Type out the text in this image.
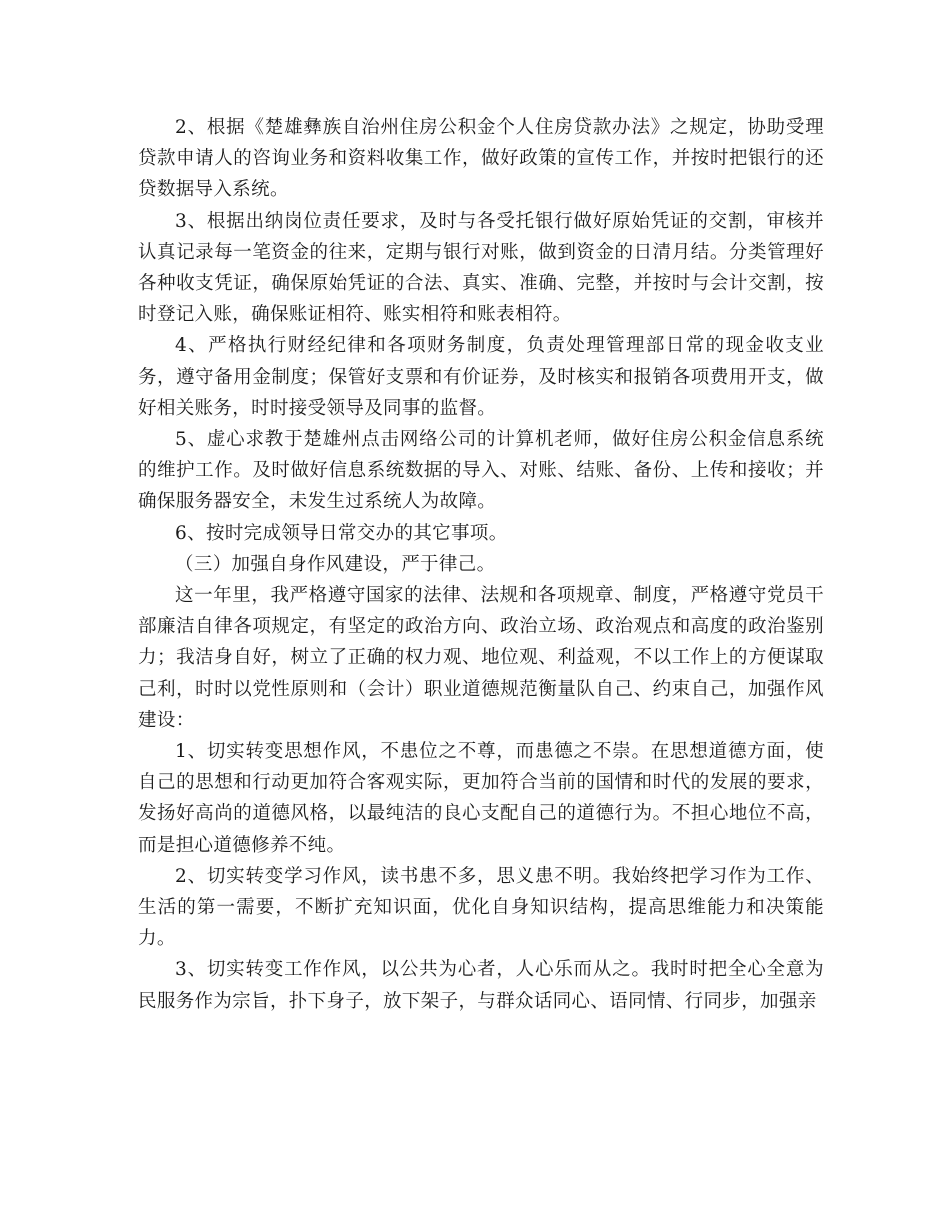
2、根据《楚雄彝族自治州住房公积金个人住房贷款办法》之规定，协助受理贷款申请人的咨询业务和资料收集工作，做好政策的宣传工作，并按时把银行的还贷数据导入系统。

3、根据出纳岗位责任要求，及时与各受托银行做好原始凭证的交割，审核并认真记录每一笔资金的往来，定期与银行对账，做到资金的日清月结。分类管理好各种收支凭证，确保原始凭证的合法、真实、准确、完整，并按时与会计交割，按时登记入账，确保账证相符、账实相符和账表相符。

4、严格执行财经纪律和各项财务制度，负责处理管理部日常的现金收支业务，遵守备用金制度；保管好支票和有价证券，及时核实和报销各项费用开支，做好相关账务，时时接受领导及同事的监督。

5、虚心求教于楚雄州点击网络公司的计算机老师，做好住房公积金信息系统的维护工作。及时做好信息系统数据的导入、对账、结账、备份、上传和接收；并确保服务器安全，未发生过系统人为故障。

6、按时完成领导日常交办的其它事项。

（三）加强自身作风建设，严于律己。

这一年里，我严格遵守国家的法律、法规和各项规章、制度，严格遵守党员干部廉洁自律各项规定，有坚定的政治方向、政治立场、政治观点和高度的政治鉴别力；我洁身自好，树立了正确的权力观、地位观、利益观，不以工作上的方便谋取己利，时时以党性原则和（会计）职业道德规范衡量队自己、约束自己，加强作风建设：

1、切实转变思想作风，不患位之不尊，而患德之不崇。在思想道德方面，使自己的思想和行动更加符合客观实际，更加符合当前的国情和时代的发展的要求，发扬好高尚的道德风格，以最纯洁的良心支配自己的道德行为。不担心地位不高，而是担心道德修养不纯。

2、切实转变学习作风，读书患不多，思义患不明。我始终把学习作为工作、生活的第一需要，不断扩充知识面，优化自身知识结构，提高思维能力和决策能力。

3、切实转变工作作风，以公共为心者，人心乐而从之。我时时把全心全意为民服务作为宗旨，扑下身子，放下架子，与群众话同心、语同情、行同步，加强亲
